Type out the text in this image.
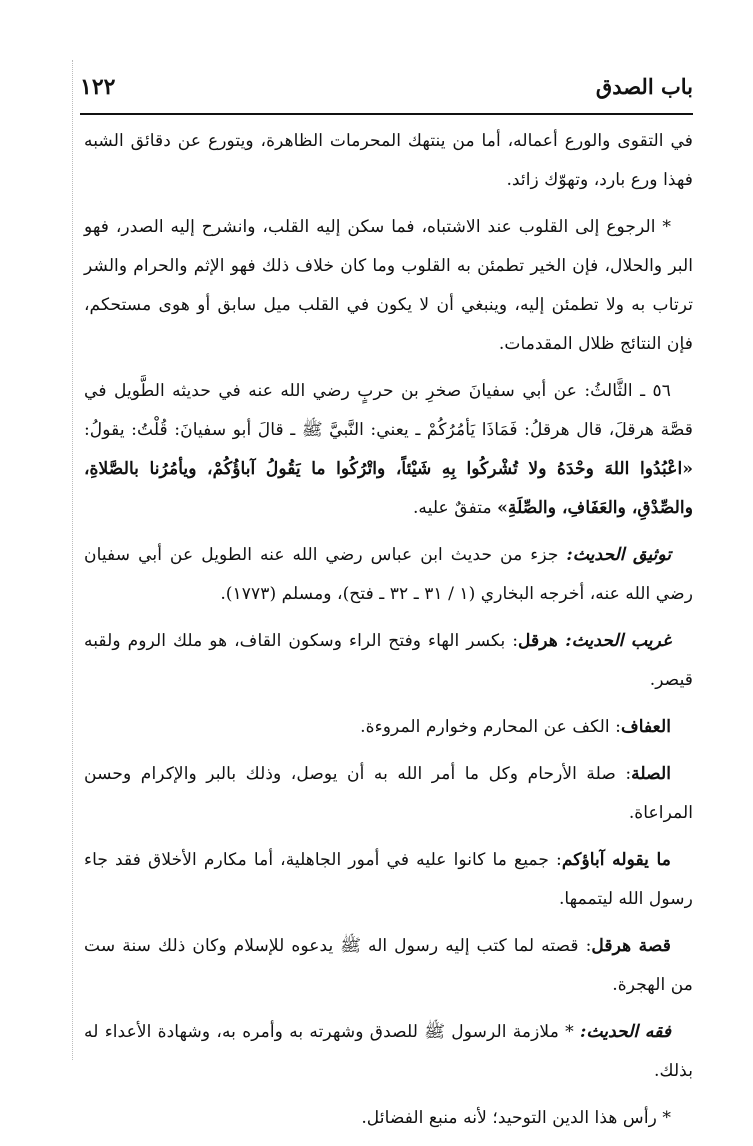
باب الصدق
١٢٢

في التقوى والورع أعماله، أما من ينتهك المحرمات الظاهرة، ويتورع عن دقائق الشبه فهذا ورع بارد، وتهوّك زائد.

* الرجوع إلى القلوب عند الاشتباه، فما سكن إليه القلب، وانشرح إليه الصدر، فهو البر والحلال، فإن الخير تطمئن به القلوب وما كان خلاف ذلك فهو الإثم والحرام والشر ترتاب به ولا تطمئن إليه، وينبغي أن لا يكون في القلب ميل سابق أو هوى مستحكم، فإن النتائج ظلال المقدمات.

٥٦ ـ الثَّالثُ: عن أبي سفيانَ صخرِ بن حربٍ رضي الله عنه في حديثه الطَّويل في قصَّة هرقلَ، قال هرقلُ: فَمَاذَا يَأمُرُكُمْ ـ يعني: النَّبيَّ ﷺ ـ قالَ أبو سفيانَ: قُلْتُ: يقولُ: «اعْبُدُوا اللهَ وحْدَهُ ولا تُشْركُوا بِهِ شَيْئاً، واتْرُكُوا ما يَقُولُ آباؤُكُمْ، ويأمُرُنا بالصَّلاةِ، والصِّدْقِ، والعَفَافِ، والصِّلَةِ» متفقٌ عليه.

توثيق الحديث: جزء من حديث ابن عباس رضي الله عنه الطويل عن أبي سفيان رضي الله عنه، أخرجه البخاري (١ / ٣١ ـ ٣٢ ـ فتح)، ومسلم (١٧٧٣).

غريب الحديث: هرقل: بكسر الهاء وفتح الراء وسكون القاف، هو ملك الروم ولقبه قيصر.

العفاف: الكف عن المحارم وخوارم المروءة.

الصلة: صلة الأرحام وكل ما أمر الله به أن يوصل، وذلك بالبر والإكرام وحسن المراعاة.

ما يقوله آباؤكم: جميع ما كانوا عليه في أمور الجاهلية، أما مكارم الأخلاق فقد جاء رسول الله ليتممها.

قصة هرقل: قصته لما كتب إليه رسول اله ﷺ يدعوه للإسلام وكان ذلك سنة ست من الهجرة.

فقه الحديث: * ملازمة الرسول ﷺ للصدق وشهرته به وأمره به، وشهادة الأعداء له بذلك.

* رأس هذا الدين التوحيد؛ لأنه منبع الفضائل.
